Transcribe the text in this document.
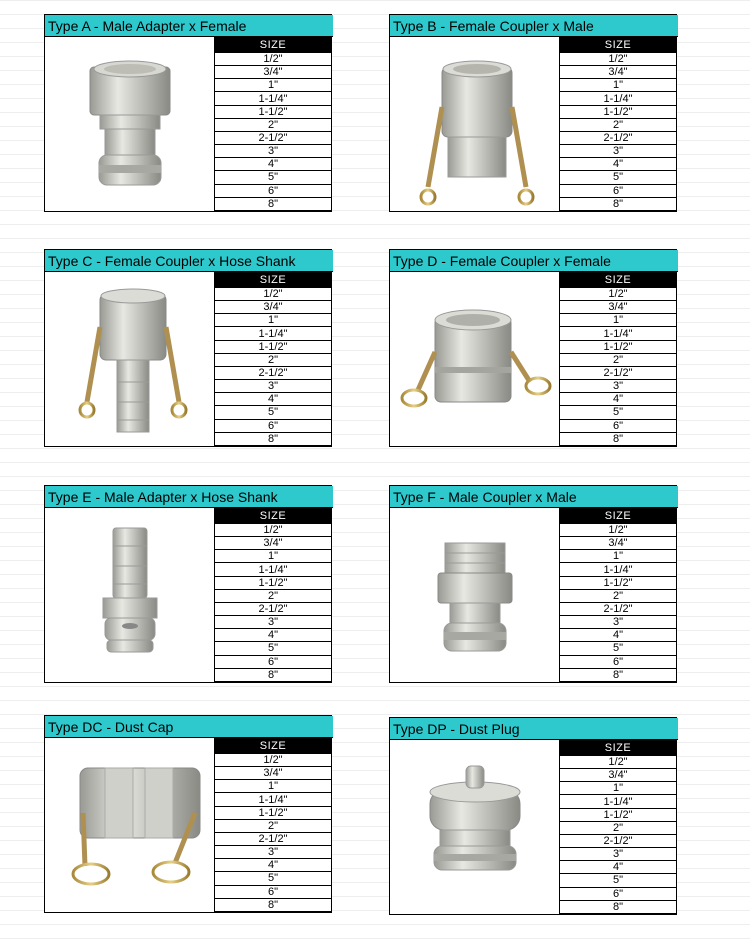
Type A - Male Adapter x Female
SIZE
1/2"
3/4"
1"
1-1/4"
1-1/2"
2"
2-1/2"
3"
4"
5"
6"
8"
Type B - Female Coupler x Male
SIZE
1/2"
3/4"
1"
1-1/4"
1-1/2"
2"
2-1/2"
3"
4"
5"
6"
8"
Type C - Female Coupler x Hose Shank
SIZE
1/2"
3/4"
1"
1-1/4"
1-1/2"
2"
2-1/2"
3"
4"
5"
6"
8"
Type D - Female Coupler x Female
SIZE
1/2"
3/4"
1"
1-1/4"
1-1/2"
2"
2-1/2"
3"
4"
5"
6"
8"
Type E - Male Adapter x Hose Shank
SIZE
1/2"
3/4"
1"
1-1/4"
1-1/2"
2"
2-1/2"
3"
4"
5"
6"
8"
Type F - Male Coupler x Male
SIZE
1/2"
3/4"
1"
1-1/4"
1-1/2"
2"
2-1/2"
3"
4"
5"
6"
8"
Type DC - Dust Cap
SIZE
1/2"
3/4"
1"
1-1/4"
1-1/2"
2"
2-1/2"
3"
4"
5"
6"
8"
Type DP - Dust Plug
SIZE
1/2"
3/4"
1"
1-1/4"
1-1/2"
2"
2-1/2"
3"
4"
5"
6"
8"
